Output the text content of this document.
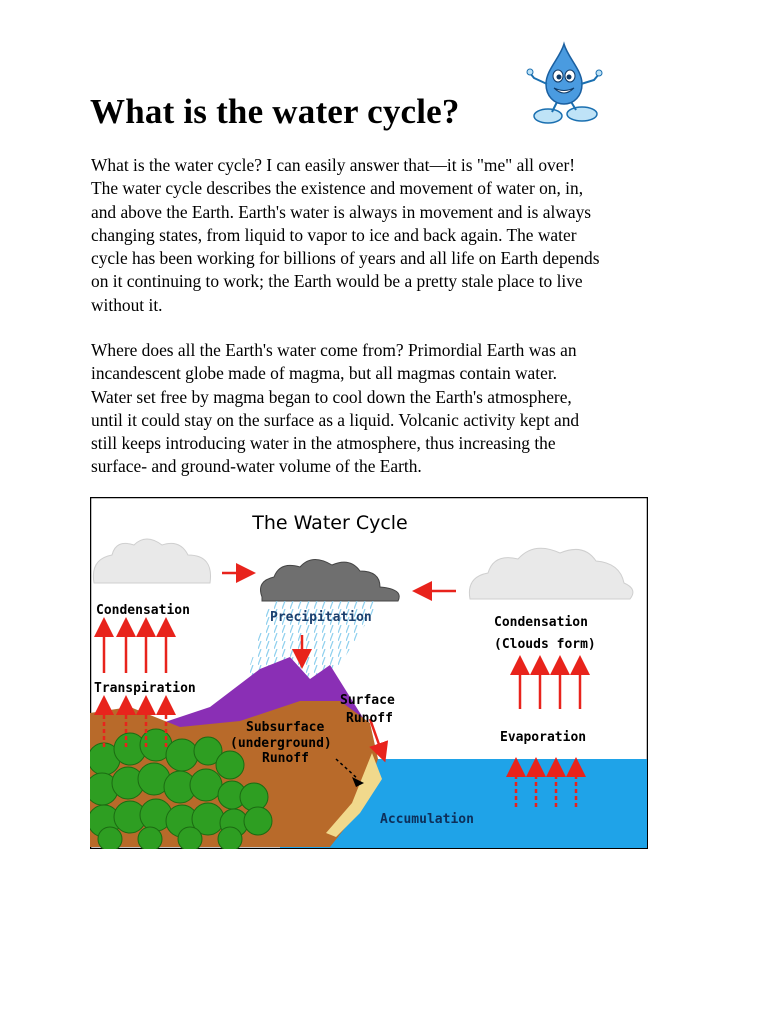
What is the water cycle?

What is the water cycle? I can easily answer that—it is "me" all over!
The water cycle describes the existence and movement of water on, in,
and above the Earth. Earth's water is always in movement and is always
changing states, from liquid to vapor to ice and back again. The water
cycle has been working for billions of years and all life on Earth depends
on it continuing to work; the Earth would be a pretty stale place to live
without it.

Where does all the Earth's water come from? Primordial Earth was an
incandescent globe made of magma, but all magmas contain water.
Water set free by magma began to cool down the Earth's atmosphere,
until it could stay on the surface as a liquid. Volcanic activity kept and
still keeps introducing water in the atmosphere, thus increasing the
surface- and ground-water volume of the Earth.

The Water Cycle
Condensation
Transpiration
Precipitation	Condensation
(Clouds form)
Surface
Runoff
Subsurface
(underground)
Runoff
Evaporation
Accumulation
